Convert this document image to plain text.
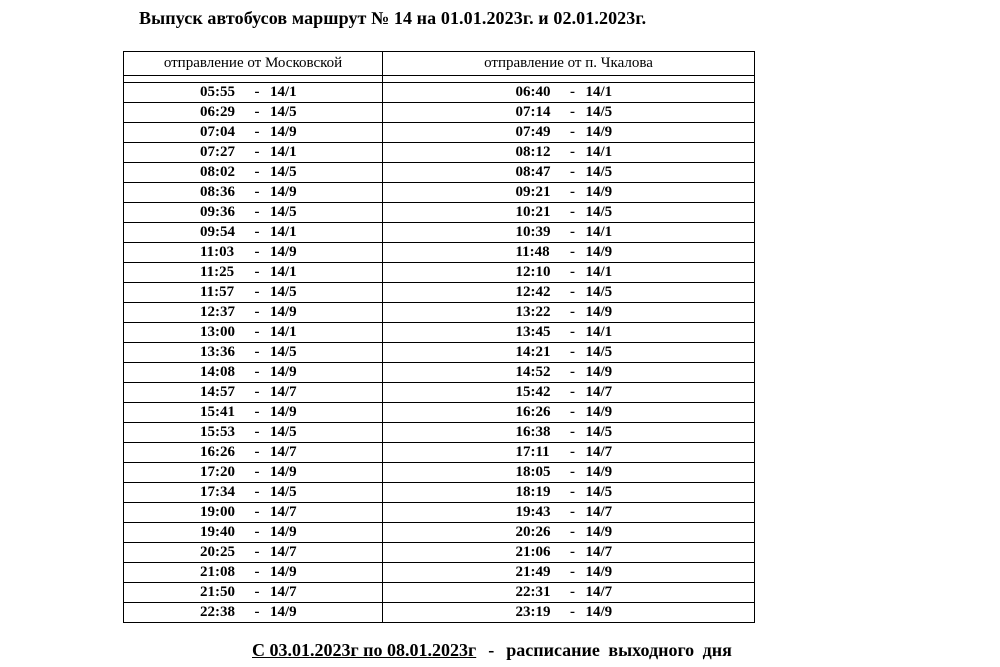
Выпуск автобусов маршрут № 14 на 01.01.2023г. и 02.01.2023г.
отправление от Московской	отправление от п. Чкалова

05:55 - 14/1	06:40 - 14/1

06:29 - 14/5	07:14 - 14/5

07:04 - 14/9	07:49 - 14/9

07:27 - 14/1	08:12 - 14/1

08:02 - 14/5	08:47 - 14/5

08:36 - 14/9	09:21 - 14/9

09:36 - 14/5	10:21 - 14/5

09:54 - 14/1	10:39 - 14/1

11:03 - 14/9	11:48 - 14/9

11:25 - 14/1	12:10 - 14/1

11:57 - 14/5	12:42 - 14/5

12:37 - 14/9	13:22 - 14/9

13:00 - 14/1	13:45 - 14/1

13:36 - 14/5	14:21 - 14/5

14:08 - 14/9	14:52 - 14/9

14:57 - 14/7	15:42 - 14/7

15:41 - 14/9	16:26 - 14/9

15:53 - 14/5	16:38 - 14/5

16:26 - 14/7	17:11 - 14/7

17:20 - 14/9	18:05 - 14/9

17:34 - 14/5	18:19 - 14/5

19:00 - 14/7	19:43 - 14/7

19:40 - 14/9	20:26 - 14/9

20:25 - 14/7	21:06 - 14/7

21:08 - 14/9	21:49 - 14/9

21:50 - 14/7	22:31 - 14/7

22:38 - 14/9	23:19 - 14/9
С 03.01.2023г по 08.01.2023г - расписание выходного дня
